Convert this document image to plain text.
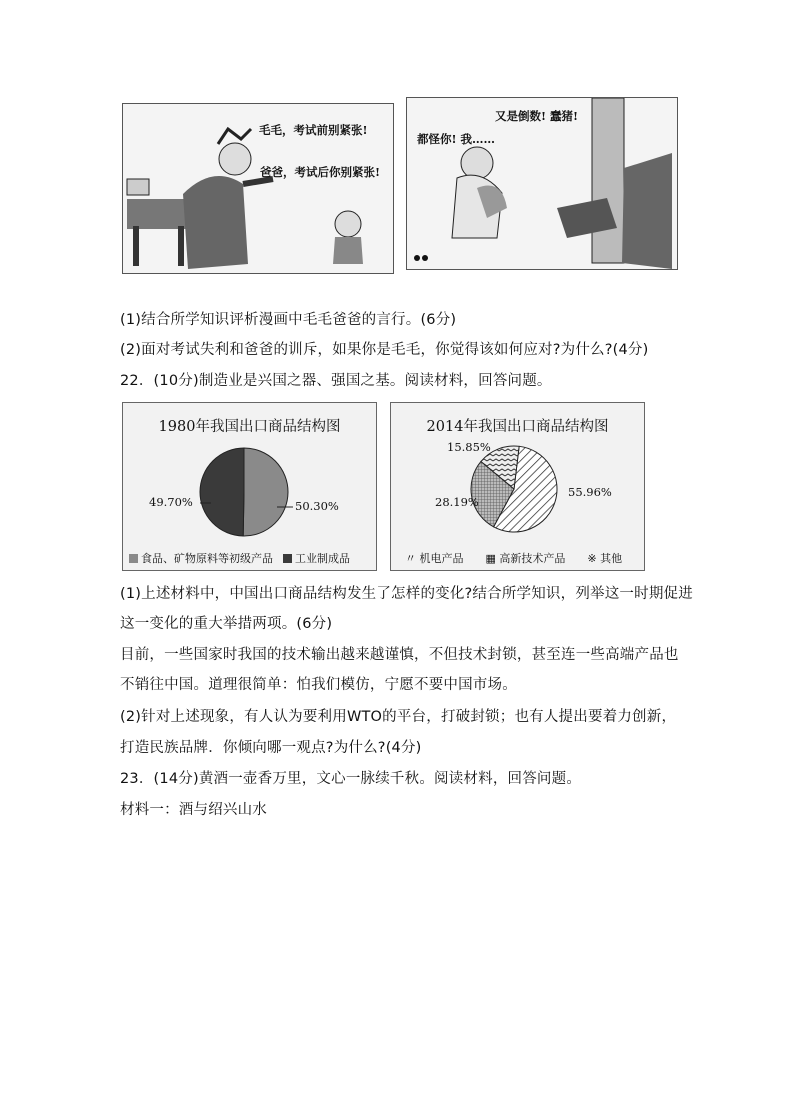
毛毛，考试前别紧张!
爸爸，考试后你别紧张!
又是倒数! 蠢猪!
都怪你! 我……
(1)结合所学知识评析漫画中毛毛爸爸的言行。(6分)
(2)面对考试失利和爸爸的训斥，如果你是毛毛，你觉得该如何应对?为什么?(4分)
22．(10分)制造业是兴国之器、强国之基。阅读材料，回答问题。
1980年我国出口商品结构图
49.70%	50.30%
食品、矿物原料等初级产品	工业制成品
2014年我国出口商品结构图
15.85%
28.19%
55.96%
〃 机电产品 ▦ 高新技术产品 ※ 其他
(1)上述材料中，中国出口商品结构发生了怎样的变化?结合所学知识，列举这一时期促进
这一变化的重大举措两项。(6分)
目前，一些国家时我国的技术输出越来越谨慎，不但技术封锁，甚至连一些高端产品也
不销往中国。道理很简单：怕我们模仿，宁愿不要中国市场。
(2)针对上述现象，有人认为要利用WTO的平台，打破封锁；也有人提出要着力创新，
打造民族品牌．你倾向哪一观点?为什么?(4分)
23．(14分)黄酒一壶香万里，文心一脉续千秋。阅读材料，回答问题。
材料一：酒与绍兴山水
